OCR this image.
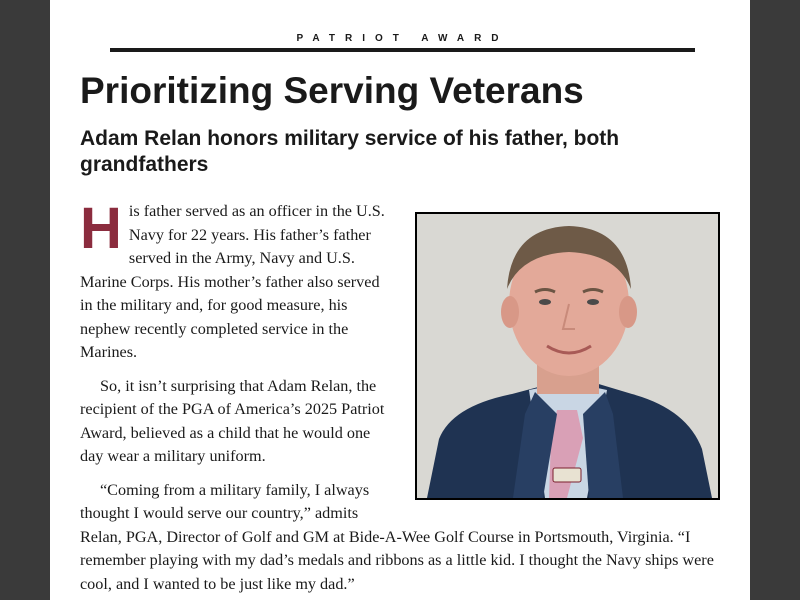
PATRIOT AWARD
Prioritizing Serving Veterans
Adam Relan honors military service of his father, both grandfathers

His father served as an officer in the U.S. Navy for 22 years. His father’s father served in the Army, Navy and U.S. Marine Corps. His mother’s father also served in the military and, for good measure, his nephew recently completed service in the Marines.

So, it isn’t surprising that Adam Relan, the recipient of the PGA of America’s 2025 Patriot Award, believed as a child that he would one day wear a military uniform.

“Coming from a military family, I always thought I would serve our country,” admits Relan, PGA, Director of Golf and GM at Bide-A-Wee Golf Course in Portsmouth, Virginia. “I remember playing with my dad’s medals and ribbons as a little kid. I thought the Navy ships were cool, and I wanted to be just like my dad.”
